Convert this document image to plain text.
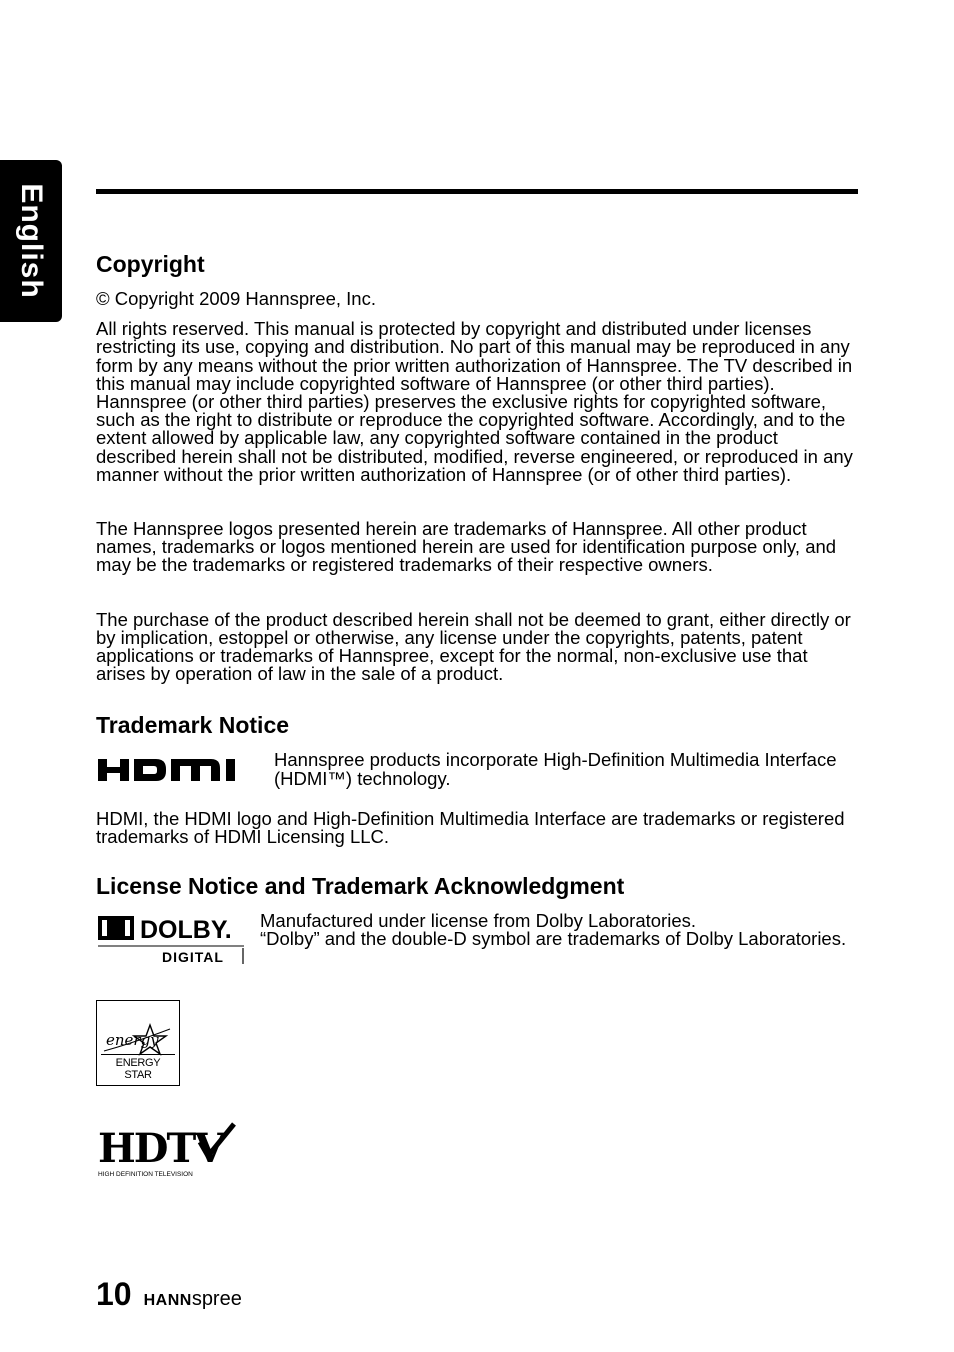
English Copyright

© Copyright 2009 Hannspree, Inc.

All rights reserved. This manual is protected by copyright and distributed under licenses restricting its use, copying and distribution. No part of this manual may be reproduced in any form by any means without the prior written authorization of Hannspree. The TV described in this manual may include copyrighted software of Hannspree (or other third parties). Hannspree (or other third parties) preserves the exclusive rights for copyrighted software, such as the right to distribute or reproduce the copyrighted software. Accordingly, and to the extent allowed by applicable law, any copyrighted software contained in the product described herein shall not be distributed, modified, reverse engineered, or reproduced in any manner without the prior written authorization of Hannspree (or of other third parties).

The Hannspree logos presented herein are trademarks of Hannspree. All other product names, trademarks or logos mentioned herein are used for identification purpose only, and may be the trademarks or registered trademarks of their respective owners.

The purchase of the product described herein shall not be deemed to grant, either directly or by implication, estoppel or otherwise, any license under the copyrights, patents, patent applications or trademarks of Hannspree, except for the normal, non-exclusive use that arises by operation of law in the sale of a product.

Trademark Notice

Hannspree products incorporate High-Definition Multimedia Interface (HDMI™) technology.

HDMI, the HDMI logo and High-Definition Multimedia Interface are trademarks or registered trademarks of HDMI Licensing LLC.

License Notice and Trademark Acknowledgment
DOLBY.
DIGITAL

Manufactured under license from Dolby Laboratories.

“Dolby” and the double-D symbol are trademarks of Dolby Laboratories.

energy
ENERGY STAR
HDTV
HIGH DEFINITION TELEVISION
10 HANNspree
